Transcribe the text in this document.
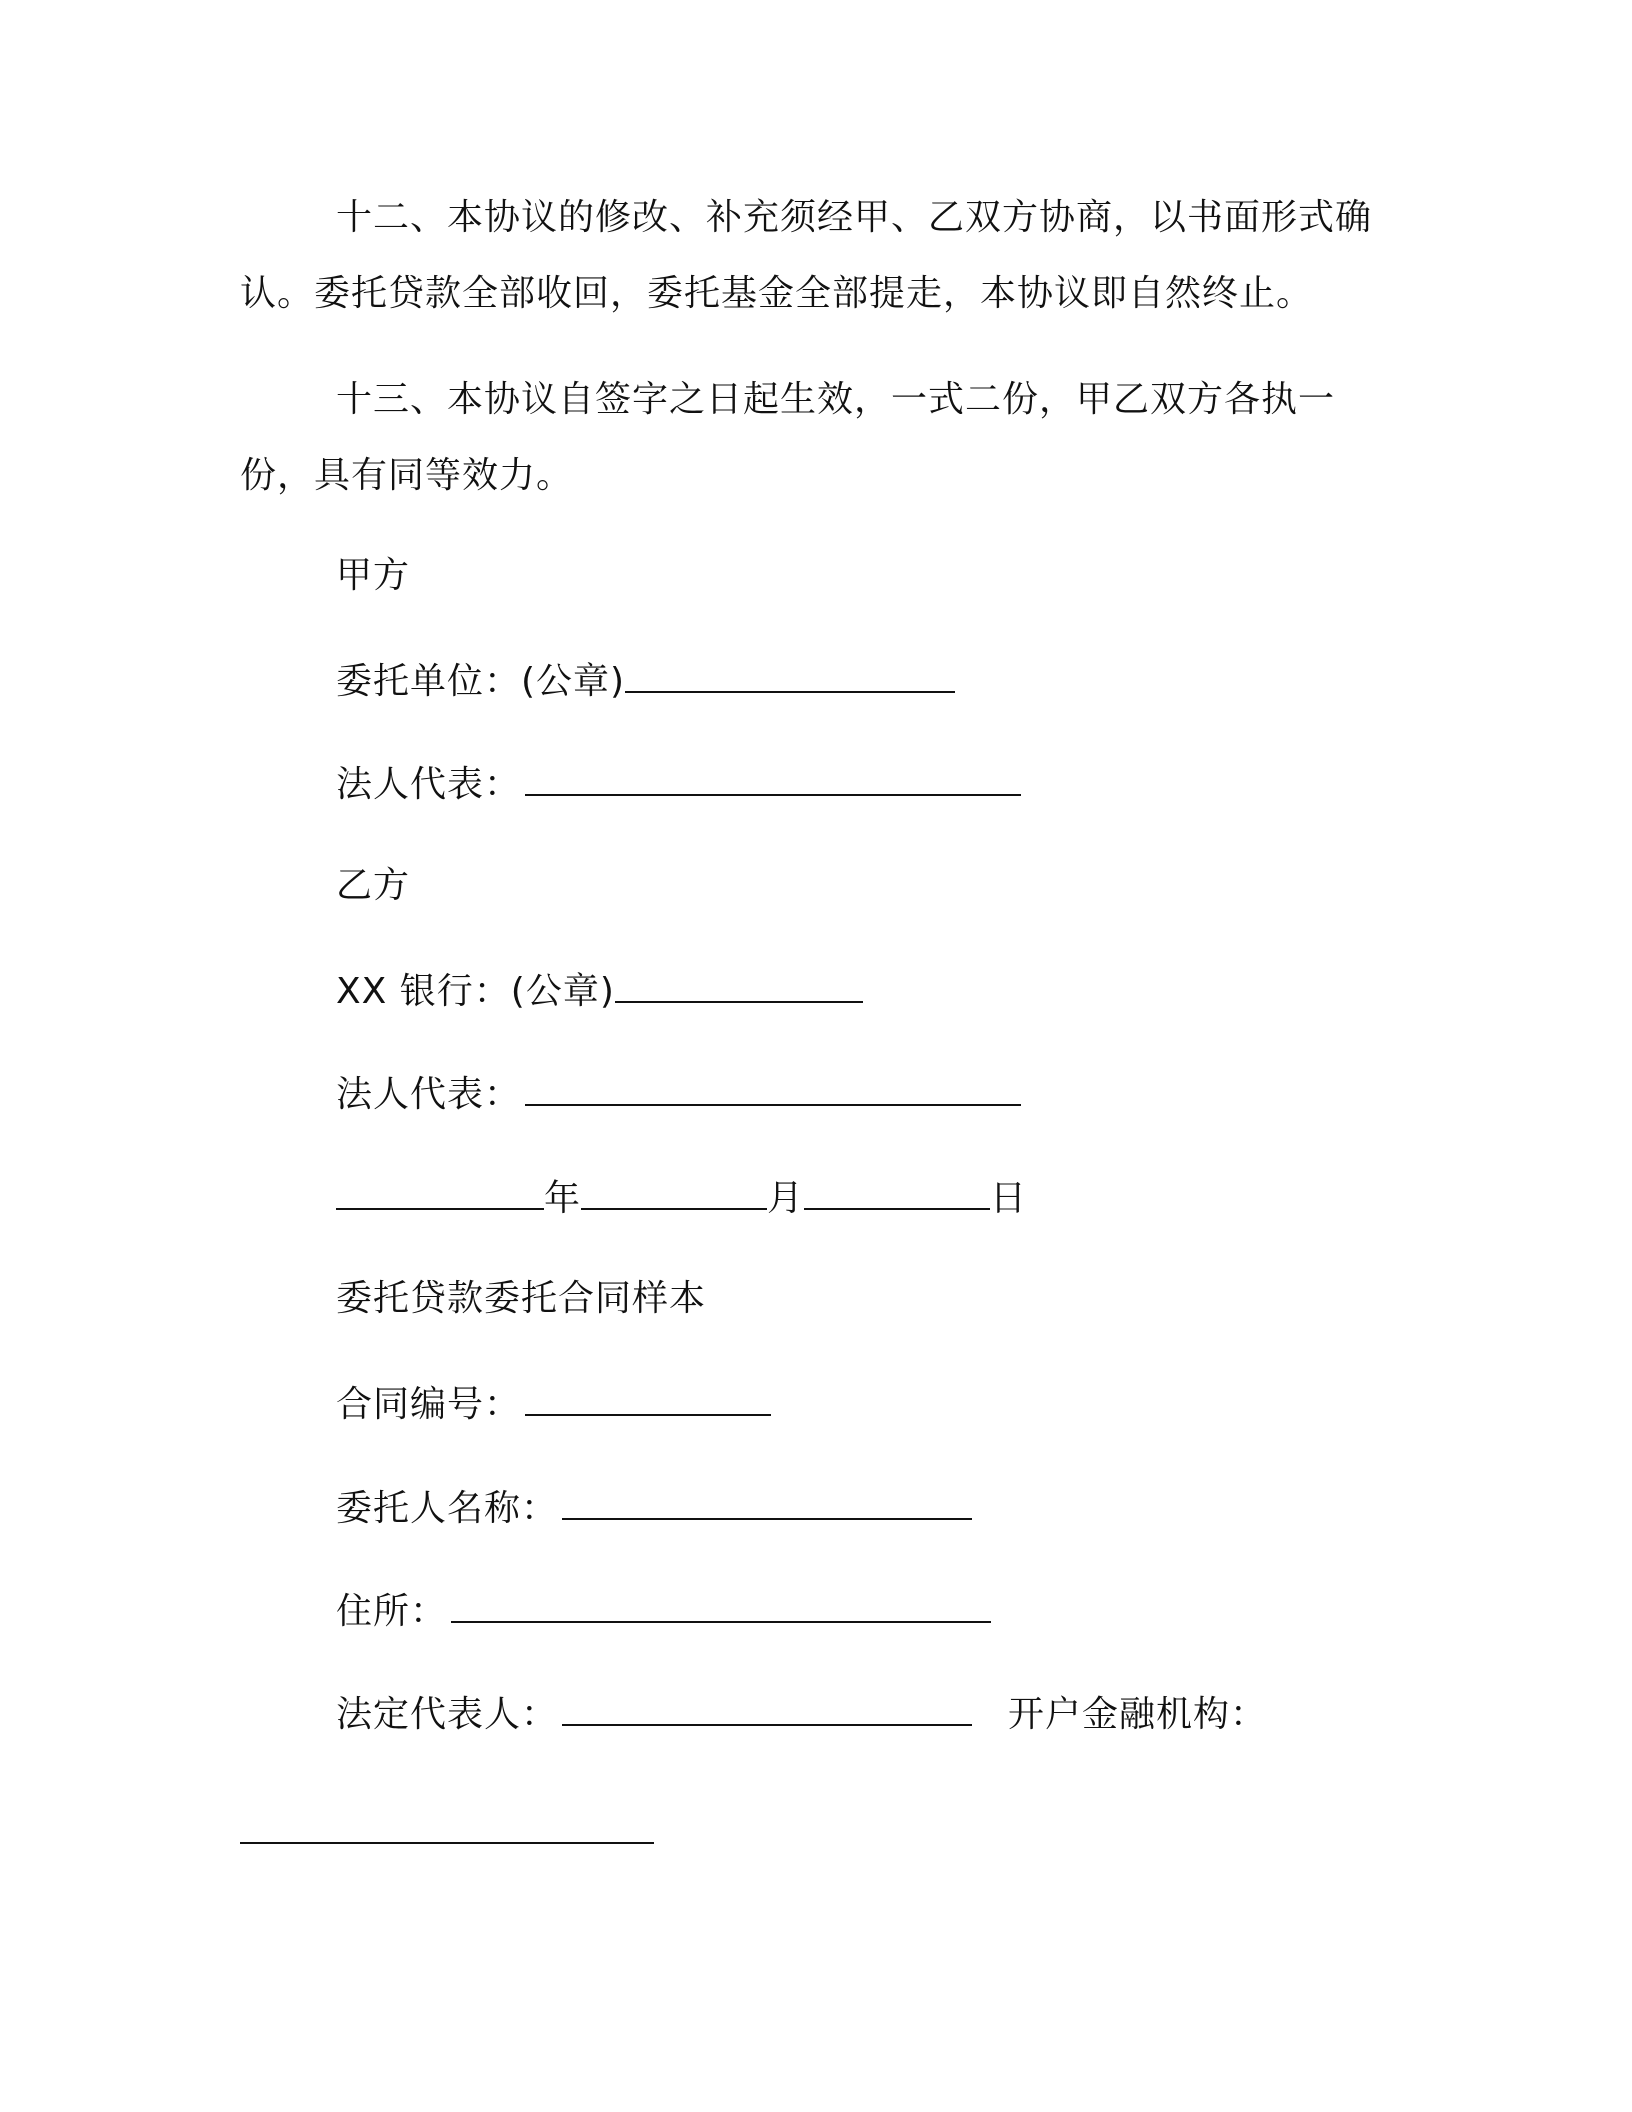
十二、本协议的修改、补充须经甲、乙双方协商，以书面形式确认。委托贷款全部收回，委托基金全部提走，本协议即自然终止。

十三、本协议自签字之日起生效，一式二份，甲乙双方各执一份，具有同等效力。

甲方
委托单位：(公章)
法人代表：
乙方
XX 银行：(公章)
法人代表：
年	月	日
委托贷款委托合同样本
合同编号：
委托人名称：
住所：
法定代表人：	开户金融机构：
